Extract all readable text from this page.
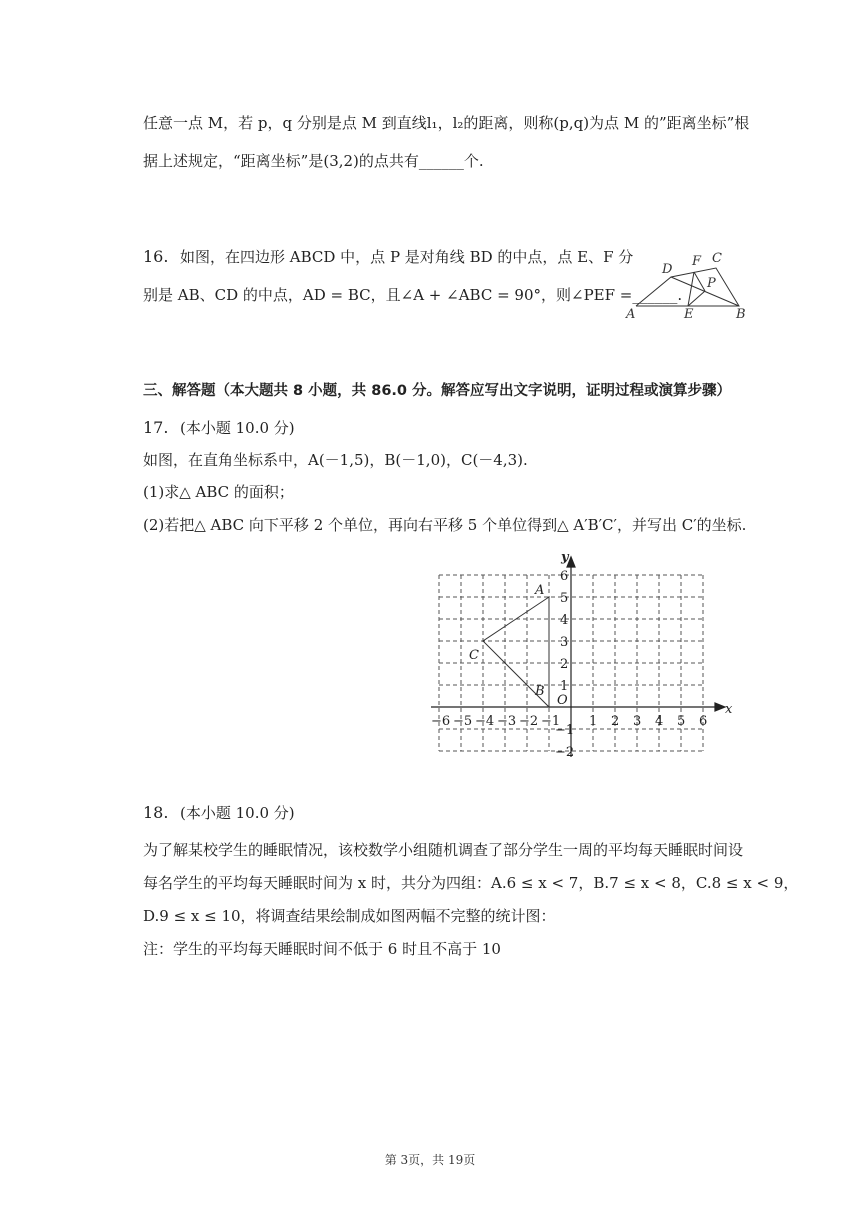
任意一点 M，若 p，q 分别是点 M 到直线l₁，l₂的距离，则称(p,q)为点 M 的”距离坐标”根
据上述规定，“距离坐标”是(3,2)的点共有______个.
16. 如图，在四边形 ABCD 中，点 P 是对角线 BD 的中点，点 E、F 分
别是 AB、CD 的中点，AD = BC，且∠A + ∠ABC = 90°，则∠PEF =______.
A	B
C
D
E
F
P
三、解答题（本大题共 8 小题，共 86.0 分。解答应写出文字说明，证明过程或演算步骤）
17. (本小题 10.0 分)
如图，在直角坐标系中，A(－1,5)，B(－1,0)，C(－4,3).
(1)求△ ABC 的面积；
(2)若把△ ABC 向下平移 2 个单位，再向右平移 5 个单位得到△ A′B′C′，并写出 C′的坐标.
−6 −5 −4 −3 −2 −1 1 2 3 4 5 6
6
5
4
3
2
1
−1
−2
x
y
O
A
B
C
18. (本小题 10.0 分)
为了解某校学生的睡眠情况，该校数学小组随机调查了部分学生一周的平均每天睡眠时间设
每名学生的平均每天睡眠时间为 x 时，共分为四组：A.6 ≤ x < 7，B.7 ≤ x < 8，C.8 ≤ x < 9，
D.9 ≤ x ≤ 10，将调查结果绘制成如图两幅不完整的统计图：
注：学生的平均每天睡眠时间不低于 6 时且不高于 10
第 3页，共 19页
